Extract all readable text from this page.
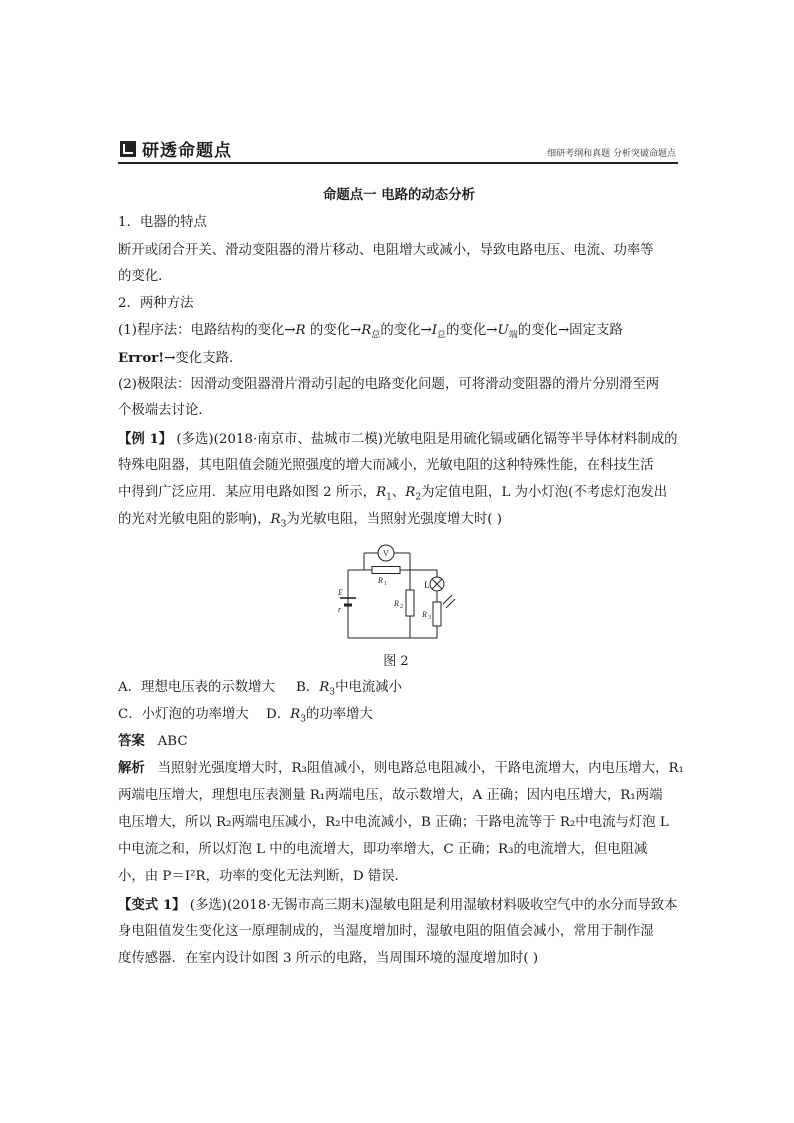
研透命题点	细研考纲和真题 分析突破命题点
命题点一 电路的动态分析
1．电器的特点
断开或闭合开关、滑动变阻器的滑片移动、电阻增大或减小，导致电路电压、电流、功率等
的变化．
2．两种方法
(1)程序法：电路结构的变化→R 的变化$\to R_总$的变化$\to I_总$的变化$\to U_端$的变化→固定支路
Error!→变化支路．
(2)极限法：因滑动变阻器滑片滑动引起的电路变化问题，可将滑动变阻器的滑片分别滑至两
个极端去讨论．
【例 1】 (多选)(2018·南京市、盐城市二模)光敏电阻是用硫化镉或硒化镉等半导体材料制成的
特殊电阻器，其电阻值会随光照强度的增大而减小，光敏电阻的这种特殊性能，在科技生活
中得到广泛应用．某应用电路如图 2 所示，$R_1$、$R_2$为定值电阻，L 为小灯泡(不考虑灯泡发出
的光对光敏电阻的影响)，$R_3$为光敏电阻，当照射光强度增大时( )
V
R 1
R 2
L
R 3
E
r
图 2
A．理想电压表的示数增大 B．$R_3$中电流减小
C．小灯泡的功率增大 D．$R_3$的功率增大
答案 ABC
解析 当照射光强度增大时，R₃阻值减小，则电路总电阻减小，干路电流增大，内电压增大，R₁
两端电压增大，理想电压表测量 R₁两端电压，故示数增大，A 正确；因内电压增大，R₁两端
电压增大，所以 R₂两端电压减小，R₂中电流减小，B 正确；干路电流等于 R₂中电流与灯泡 L
中电流之和，所以灯泡 L 中的电流增大，即功率增大，C 正确；R₃的电流增大，但电阻减
小，由 P＝I²R，功率的变化无法判断，D 错误．
【变式 1】 (多选)(2018·无锡市高三期末)湿敏电阻是利用湿敏材料吸收空气中的水分而导致本
身电阻值发生变化这一原理制成的，当湿度增加时，湿敏电阻的阻值会减小，常用于制作湿
度传感器．在室内设计如图 3 所示的电路，当周围环境的湿度增加时( )
